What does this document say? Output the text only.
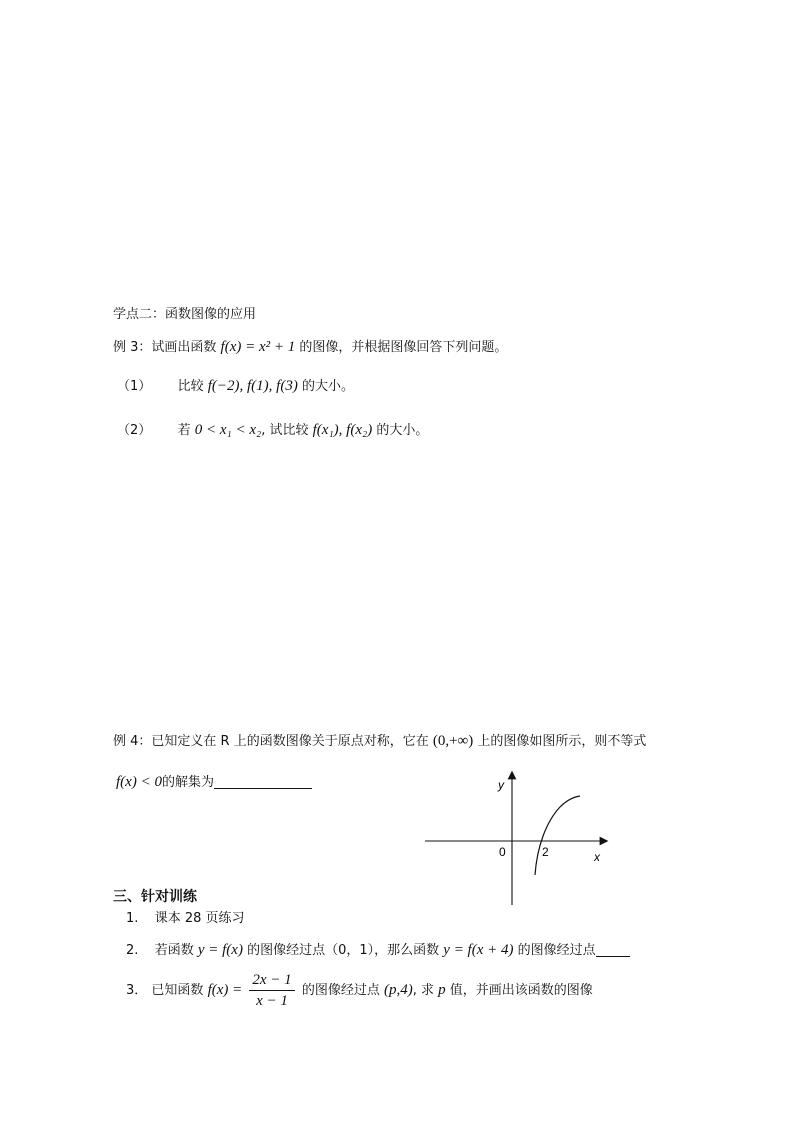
学点二：函数图像的应用
例 3：试画出函数 f(x) = x² + 1 的图像，并根据图像回答下列问题。
（1） 比较 f(−2), f(1), f(3) 的大小。
（2） 若 0 < x₁ < x₂, 试比较 f(x₁), f(x₂) 的大小。
例 4：已知定义在 R 上的函数图像关于原点对称，它在 (0,+∞) 上的图像如图所示，则不等式
f(x) < 0的解集为	y
x
0	2
三、针对训练
1. 课本 28 页练习
2. 若函数 y = f(x) 的图像经过点（0，1），那么函数 y = f(x + 4) 的图像经过点
3． 已知函数 $f(x) = \frac{2x - 1}{x - 1}$ 的图像经过点 (p,4), 求 p 值，并画出该函数的图像
